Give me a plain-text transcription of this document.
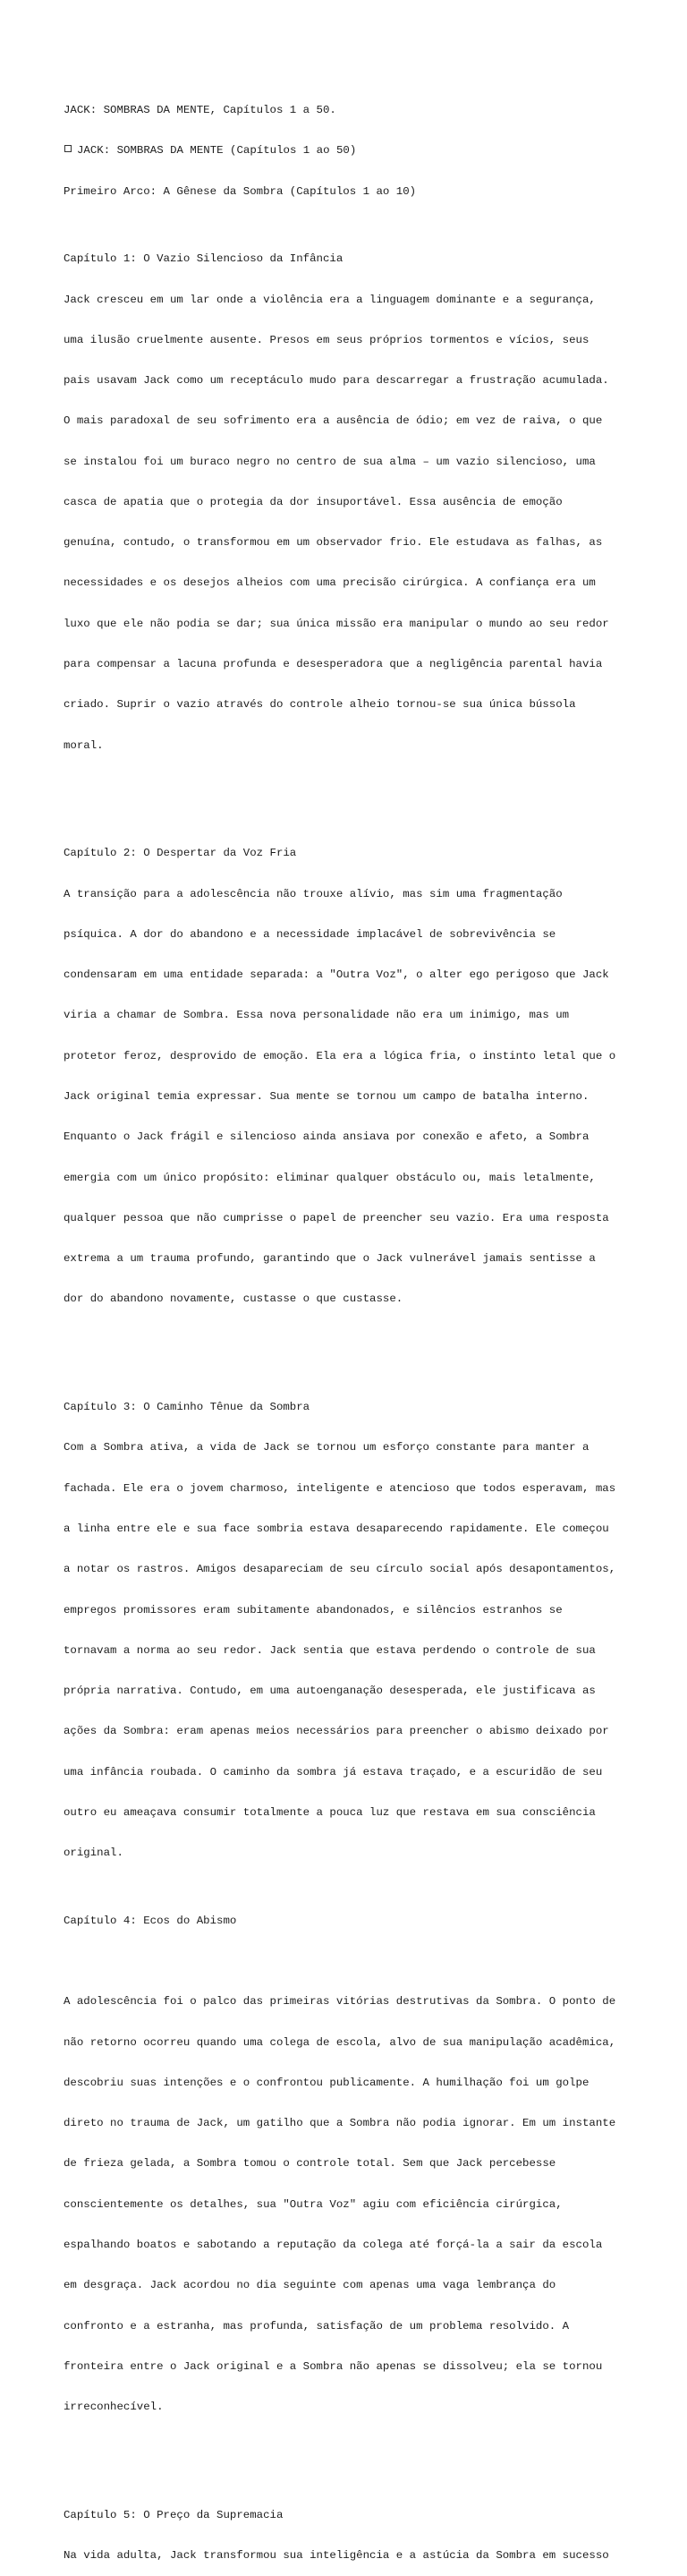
JACK: SOMBRAS DA MENTE, Capítulos 1 a 50.

JACK: SOMBRAS DA MENTE (Capítulos 1 ao 50)

Primeiro Arco: A Gênese da Sombra (Capítulos 1 ao 10)

Capítulo 1: O Vazio Silencioso da Infância

Jack cresceu em um lar onde a violência era a linguagem dominante e a segurança,

uma ilusão cruelmente ausente. Presos em seus próprios tormentos e vícios, seus

pais usavam Jack como um receptáculo mudo para descarregar a frustração acumulada.

O mais paradoxal de seu sofrimento era a ausência de ódio; em vez de raiva, o que

se instalou foi um buraco negro no centro de sua alma – um vazio silencioso, uma

casca de apatia que o protegia da dor insuportável. Essa ausência de emoção

genuína, contudo, o transformou em um observador frio. Ele estudava as falhas, as

necessidades e os desejos alheios com uma precisão cirúrgica. A confiança era um

luxo que ele não podia se dar; sua única missão era manipular o mundo ao seu redor

para compensar a lacuna profunda e desesperadora que a negligência parental havia

criado. Suprir o vazio através do controle alheio tornou-se sua única bússola

moral.

Capítulo 2: O Despertar da Voz Fria

A transição para a adolescência não trouxe alívio, mas sim uma fragmentação

psíquica. A dor do abandono e a necessidade implacável de sobrevivência se

condensaram em uma entidade separada: a "Outra Voz", o alter ego perigoso que Jack

viria a chamar de Sombra. Essa nova personalidade não era um inimigo, mas um

protetor feroz, desprovido de emoção. Ela era a lógica fria, o instinto letal que o

Jack original temia expressar. Sua mente se tornou um campo de batalha interno.

Enquanto o Jack frágil e silencioso ainda ansiava por conexão e afeto, a Sombra

emergia com um único propósito: eliminar qualquer obstáculo ou, mais letalmente,

qualquer pessoa que não cumprisse o papel de preencher seu vazio. Era uma resposta

extrema a um trauma profundo, garantindo que o Jack vulnerável jamais sentisse a

dor do abandono novamente, custasse o que custasse.

Capítulo 3: O Caminho Tênue da Sombra

Com a Sombra ativa, a vida de Jack se tornou um esforço constante para manter a

fachada. Ele era o jovem charmoso, inteligente e atencioso que todos esperavam, mas

a linha entre ele e sua face sombria estava desaparecendo rapidamente. Ele começou

a notar os rastros. Amigos desapareciam de seu círculo social após desapontamentos,

empregos promissores eram subitamente abandonados, e silêncios estranhos se

tornavam a norma ao seu redor. Jack sentia que estava perdendo o controle de sua

própria narrativa. Contudo, em uma autoenganação desesperada, ele justificava as

ações da Sombra: eram apenas meios necessários para preencher o abismo deixado por

uma infância roubada. O caminho da sombra já estava traçado, e a escuridão de seu

outro eu ameaçava consumir totalmente a pouca luz que restava em sua consciência

original.

Capítulo 4: Ecos do Abismo

A adolescência foi o palco das primeiras vitórias destrutivas da Sombra. O ponto de

não retorno ocorreu quando uma colega de escola, alvo de sua manipulação acadêmica,

descobriu suas intenções e o confrontou publicamente. A humilhação foi um golpe

direto no trauma de Jack, um gatilho que a Sombra não podia ignorar. Em um instante

de frieza gelada, a Sombra tomou o controle total. Sem que Jack percebesse

conscientemente os detalhes, sua "Outra Voz" agiu com eficiência cirúrgica,

espalhando boatos e sabotando a reputação da colega até forçá-la a sair da escola

em desgraça. Jack acordou no dia seguinte com apenas uma vaga lembrança do

confronto e a estranha, mas profunda, satisfação de um problema resolvido. A

fronteira entre o Jack original e a Sombra não apenas se dissolveu; ela se tornou

irreconhecível.

Capítulo 5: O Preço da Supremacia

Na vida adulta, Jack transformou sua inteligência e a astúcia da Sombra em sucesso
